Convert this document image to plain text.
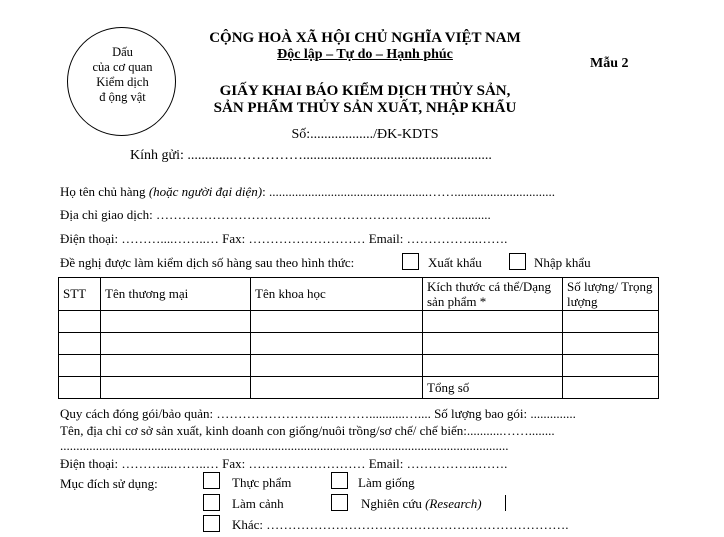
Dấu
của cơ quan
Kiểm dịch
đ ộng vật
CỘNG HOÀ XÃ HỘI CHỦ NGHĨA VIỆT NAM
Độc lập – Tự do – Hạnh phúc
Mẫu 2
GIẤY KHAI BÁO KIỂM DỊCH THỦY SẢN,
SẢN PHẨM THỦY SẢN XUẤT, NHẬP KHẨU
Số:................../ĐK-KDTS
Kính gửi: .............……………......................................................
Họ tên chủ hàng (hoặc người đại diện): .................................................……...............................
Địa chỉ giao dịch: ……………………………………………………………...........
Điện thoại: ………....……..… Fax: ……………………… Email: ……………..…….
Đề nghị được làm kiểm dịch số hàng sau theo hình thức:	Xuất khẩu	Nhập khẩu
STT	Tên thương mại	Tên khoa học	Kích thước cá thể/Dạng sản phẩm *	Số lượng/ Trọng lượng

			Tổng số	
Quy cách đóng gói/bảo quản: ………………….…..………...........….... Số lượng bao gói: ..............
Tên, địa chỉ cơ sở sản xuất, kinh doanh con giống/nuôi trồng/sơ chế/ chế biến:...........……........
..........................................................................................................................................
Điện thoại: ………....……..… Fax: ……………………… Email: ……………..…….
Mục đích sử dụng:	Thực phẩm	Làm giống
Làm cảnh	Nghiên cứu (Research)
Khác: …………………………………………………………….
